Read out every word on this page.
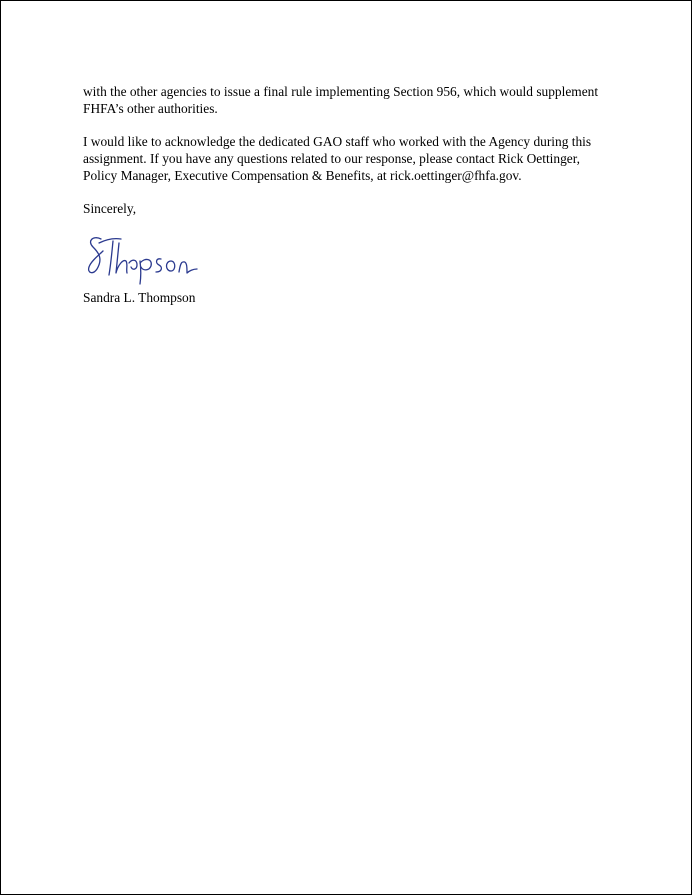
with the other agencies to issue a final rule implementing Section 956, which would supplement
FHFA’s other authorities.
I would like to acknowledge the dedicated GAO staff who worked with the Agency during this
assignment. If you have any questions related to our response, please contact Rick Oettinger,
Policy Manager, Executive Compensation & Benefits, at rick.oettinger@fhfa.gov.
Sincerely,
Sandra L. Thompson
